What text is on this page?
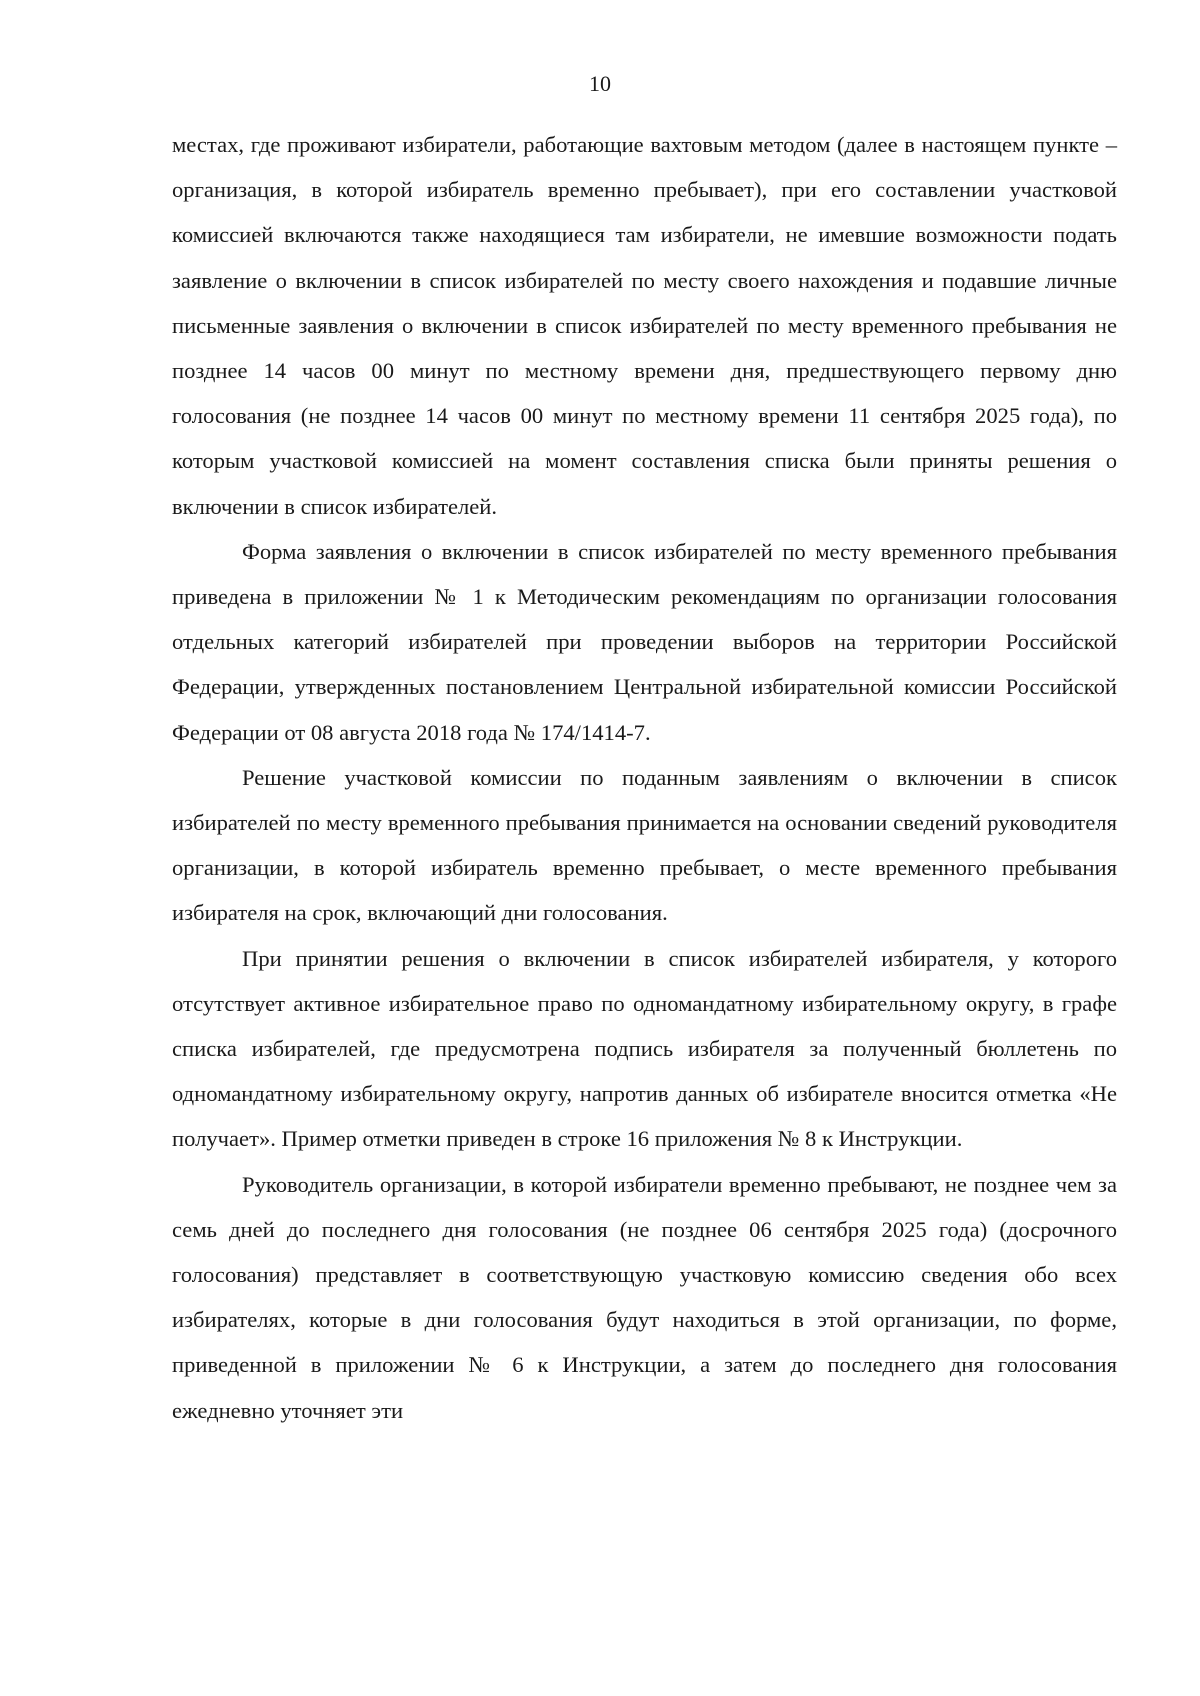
10

местах, где проживают избиратели, работающие вахтовым методом (далее в настоящем пункте – организация, в которой избиратель временно пребывает), при его составлении участковой комиссией включаются также находящиеся там избиратели, не имевшие возможности подать заявление о включении в список избирателей по месту своего нахождения и подавшие личные письменные заявления о включении в список избирателей по месту временного пребывания не позднее 14 часов 00 минут по местному времени дня, предшествующего первому дню голосования (не позднее 14 часов 00 минут по местному времени 11 сентября 2025 года), по которым участковой комиссией на момент составления списка были приняты решения о включении в список избирателей.

Форма заявления о включении в список избирателей по месту временного пребывания приведена в приложении № 1 к Методическим рекомендациям по организации голосования отдельных категорий избирателей при проведении выборов на территории Российской Федерации, утвержденных постановлением Центральной избирательной комиссии Российской Федерации от 08 августа 2018 года № 174/1414-7.

Решение участковой комиссии по поданным заявлениям о включении в список избирателей по месту временного пребывания принимается на основании сведений руководителя организации, в которой избиратель временно пребывает, о месте временного пребывания избирателя на срок, включающий дни голосования.

При принятии решения о включении в список избирателей избирателя, у которого отсутствует активное избирательное право по одномандатному избирательному округу, в графе списка избирателей, где предусмотрена подпись избирателя за полученный бюллетень по одномандатному избирательному округу, напротив данных об избирателе вносится отметка «Не получает». Пример отметки приведен в строке 16 приложения № 8 к Инструкции.

Руководитель организации, в которой избиратели временно пребывают, не позднее чем за семь дней до последнего дня голосования (не позднее 06 сентября 2025 года) (досрочного голосования) представляет в соответствующую участковую комиссию сведения обо всех избирателях, которые в дни голосования будут находиться в этой организации, по форме, приведенной в приложении № 6 к Инструкции, а затем до последнего дня голосования ежедневно уточняет эти
